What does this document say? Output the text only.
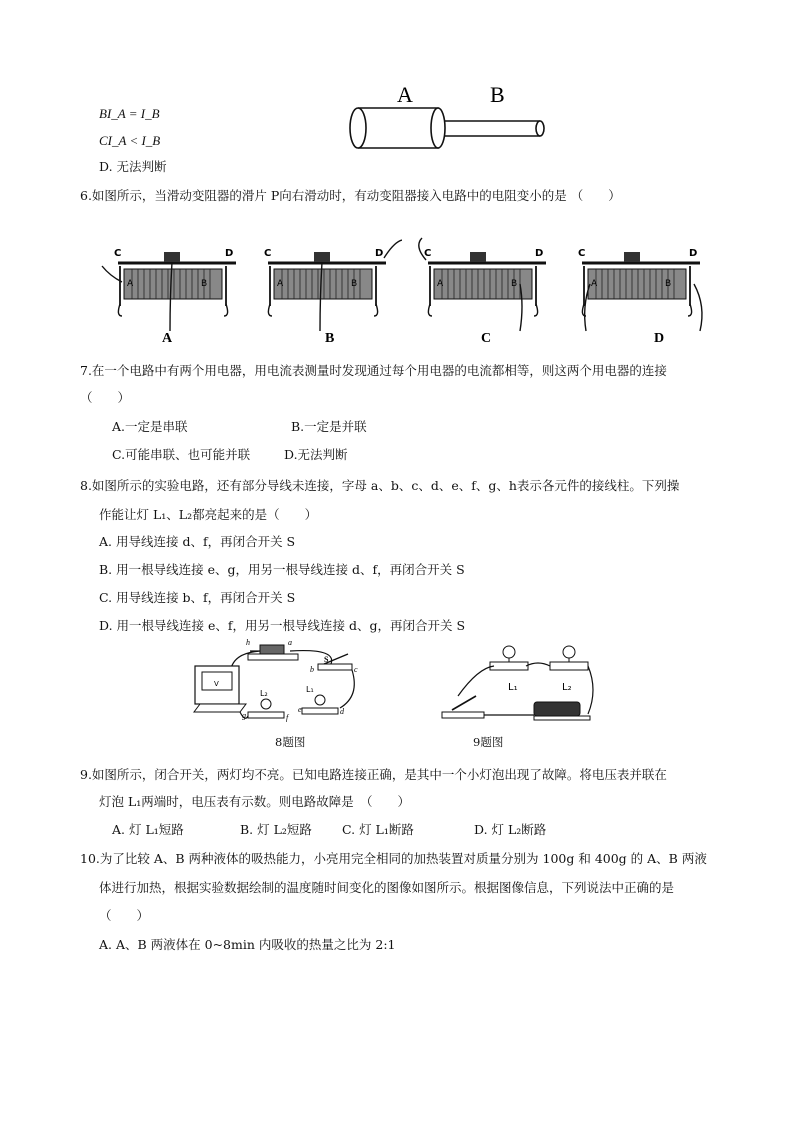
BI_A = I_B
CI_A < I_B
D. 无法判断
A	B
6.如图所示，当滑动变阻器的滑片 P向右滑动时，有动变阻器接入电路中的电阻变小的是 （　　）
C	D
A	B
A
C	D
A	B
B
C	D
A	B
C
C	D
A	B
D
7.在一个电路中有两个用电器，用电流表测量时发现通过每个用电器的电流都相等，则这两个用电器的连接
（　　）
A.一定是串联	B.一定是并联
C.可能串联、也可能并联	D.无法判断
8.如图所示的实验电路，还有部分导线未连接，字母 a、b、c、d、e、f、g、h表示各元件的接线柱。下列操
作能让灯 L₁、L₂都亮起来的是（　　）
A. 用导线连接 d、f，再闭合开关 S
B. 用一根导线连接 e、g，用另一根导线连接 d、f，再闭合开关 S
C. 用导线连接 b、f，再闭合开关 S
D. 用一根导线连接 e、f，用另一根导线连接 d、g，再闭合开关 S
h	a
V
S
b	c
L₂
g	f
L₁
e	d
8题图
L₁	L₂
9题图
9.如图所示，闭合开关，两灯均不亮。已知电路连接正确，是其中一个小灯泡出现了故障。将电压表并联在
灯泡 L₁两端时，电压表有示数。则电路故障是　（　　）
A. 灯 L₁短路	B. 灯 L₂短路 C. 灯 L₁断路	D. 灯 L₂断路
10.为了比较 A、B 两种液体的吸热能力，小亮用完全相同的加热装置对质量分别为 100g 和 400g 的 A、B 两液
体进行加热，根据实验数据绘制的温度随时间变化的图像如图所示。根据图像信息，下列说法中正确的是
（　　）
A. A、B 两液体在 0~8min 内吸收的热量之比为 2:1
